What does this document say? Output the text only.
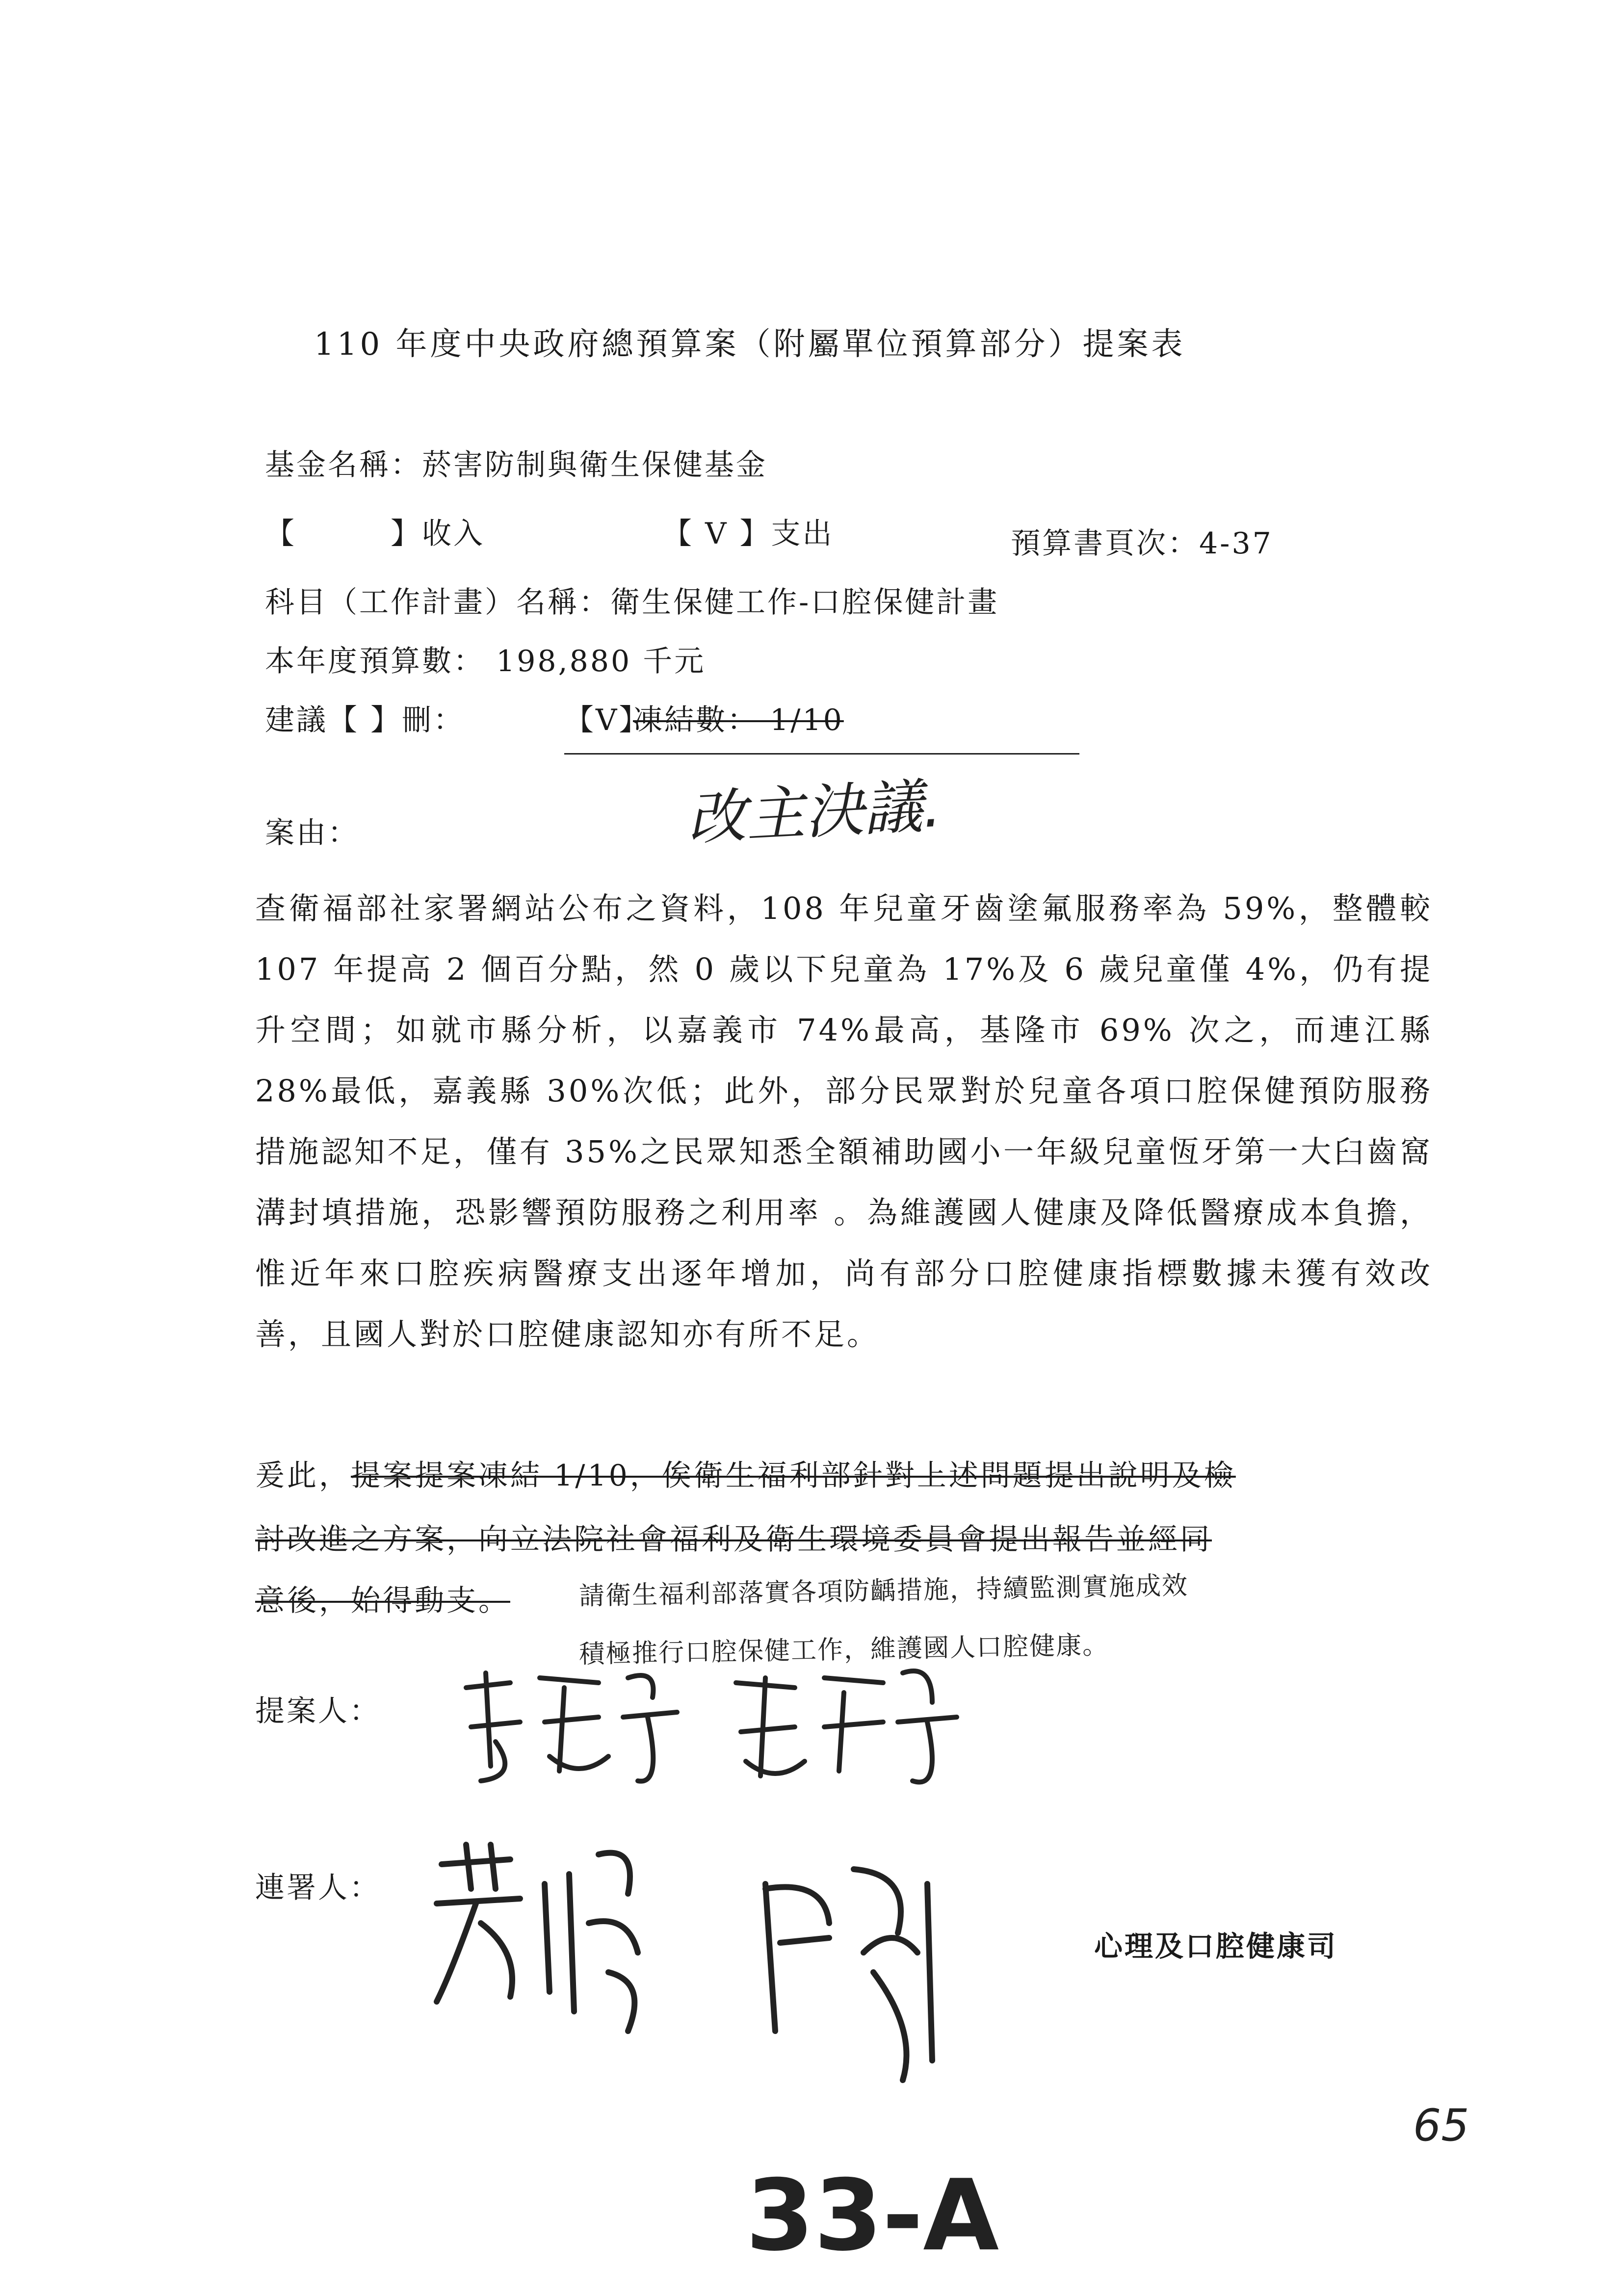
110 年度中央政府總預算案（附屬單位預算部分）提案表
基金名稱：菸害防制與衛生保健基金
【　　　】收入	【 V 】支出	預算書頁次：4-37
科目（工作計畫）名稱：衛生保健工作-口腔保健計畫
本年度預算數： 198,880 千元
建議【 】刪：	【V】
凍結數： 1/10
改主決議.
案由：
查衛福部社家署網站公布之資料，108 年兒童牙齒塗氟服務率為 59%，整體較 107 年提高 2 個百分點，然 0 歲以下兒童為 17%及 6 歲兒童僅 4%，仍有提升空間；如就市縣分析，以嘉義市 74%最高，基隆市 69% 次之，而連江縣 28%最低，嘉義縣 30%次低；此外，部分民眾對於兒童各項口腔保健預防服務措施認知不足，僅有 35%之民眾知悉全額補助國小一年級兒童恆牙第一大臼齒窩溝封填措施，恐影響預防服務之利用率 。為維護國人健康及降低醫療成本負擔，惟近年來口腔疾病醫療支出逐年增加，尚有部分口腔健康指標數據未獲有效改善，且國人對於口腔健康認知亦有所不足。
爰此，提案提案凍結 1/10，俟衛生福利部針對上述問題提出說明及檢
討改進之方案，向立法院社會福利及衛生環境委員會提出報告並經同
意後，始得動支。	請衛生福利部落實各項防齲措施，持續監測實施成效
積極推行口腔保健工作，維護國人口腔健康。
提案人：
連署人：
心理及口腔健康司
65
33-A
